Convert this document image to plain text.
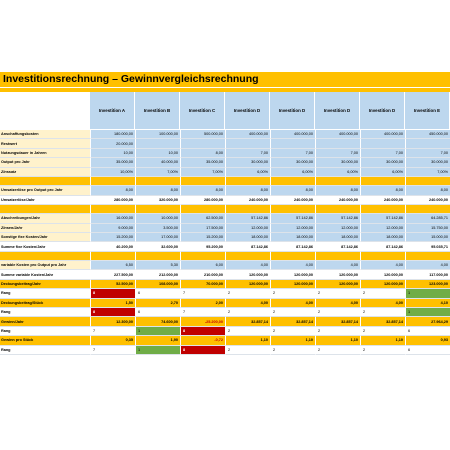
Investitionsrechnung – Gewinnvergleichsrechnung
Investition A	Investition B	Investition C	Investition D	Investition D	Investition D	Investition D	Investition E
Anschaffungskosten	180.000,00	100.000,00	500.000,00	400.000,00	400.000,00	400.000,00	400.000,00	450.000,00
Restwert	20.000,00
Nutzungsdauer in Jahren	10,00	10,00	8,00	7,00	7,00	7,00	7,00	7,00
Output pro Jahr	35.000,00	40.000,00	35.000,00	30.000,00	30.000,00	30.000,00	30.000,00	30.000,00
Zinssatz	10,00%	7,00%	7,00%	6,00%	6,00%	6,00%	6,00%	7,00%
Umsatzerlöse pro Output pro Jahr	8,00	8,00	8,00	8,00	8,00	8,00	8,00	8,00
Umsatzerlöse/Jahr	280.000,00	320.000,00	280.000,00	240.000,00	240.000,00	240.000,00	240.000,00	240.000,00
Abschreibungen/Jahr	16.000,00	10.000,00	62.500,00	57.142,86	57.142,86	57.142,86	57.142,86	64.285,71
Zinsen/Jahr	9.000,00	3.500,00	17.500,00	12.000,00	12.000,00	12.000,00	12.000,00	15.750,00
Sonstige fixe Kosten/Jahr	15.200,00	17.000,00	15.200,00	18.000,00	18.000,00	18.000,00	18.000,00	15.000,00
Summe fixe Kosten/Jahr	40.200,00	32.600,00	95.200,00	87.142,86	87.142,86	87.142,86	87.142,86	95.035,71
variable Kosten pro Output pro Jahr	6,50	5,30	6,00	4,00	4,00	4,00	4,00	4,00
Summe variable Kosten/Jahr	227.500,00	212.000,00	210.000,00	120.000,00	120.000,00	120.000,00	120.000,00	117.000,00
Deckungsbeitrag/Jahr	52.500,00	108.000,00	70.000,00	120.000,00	120.000,00	120.000,00	120.000,00	123.000,00
Rang	8	6	7	2	2	2	2	1
Deckungsbeitrag/Stück	1,50	2,70	2,00	4,00	4,00	4,00	4,00	4,10
Rang	8	6	7	2	2	2	2	1
Gewinn/Jahr	12.300,00	74.600,00	-25.200,00	32.857,14	32.857,14	32.857,14	32.857,14	27.964,29
Rang	7	1	8	2	2	2	2	6
Gewinn pro Stück	0,35	1,90	-0,72	1,10	1,10	1,10	1,10	0,93
Rang	7	1	8	2	2	2	2	6
